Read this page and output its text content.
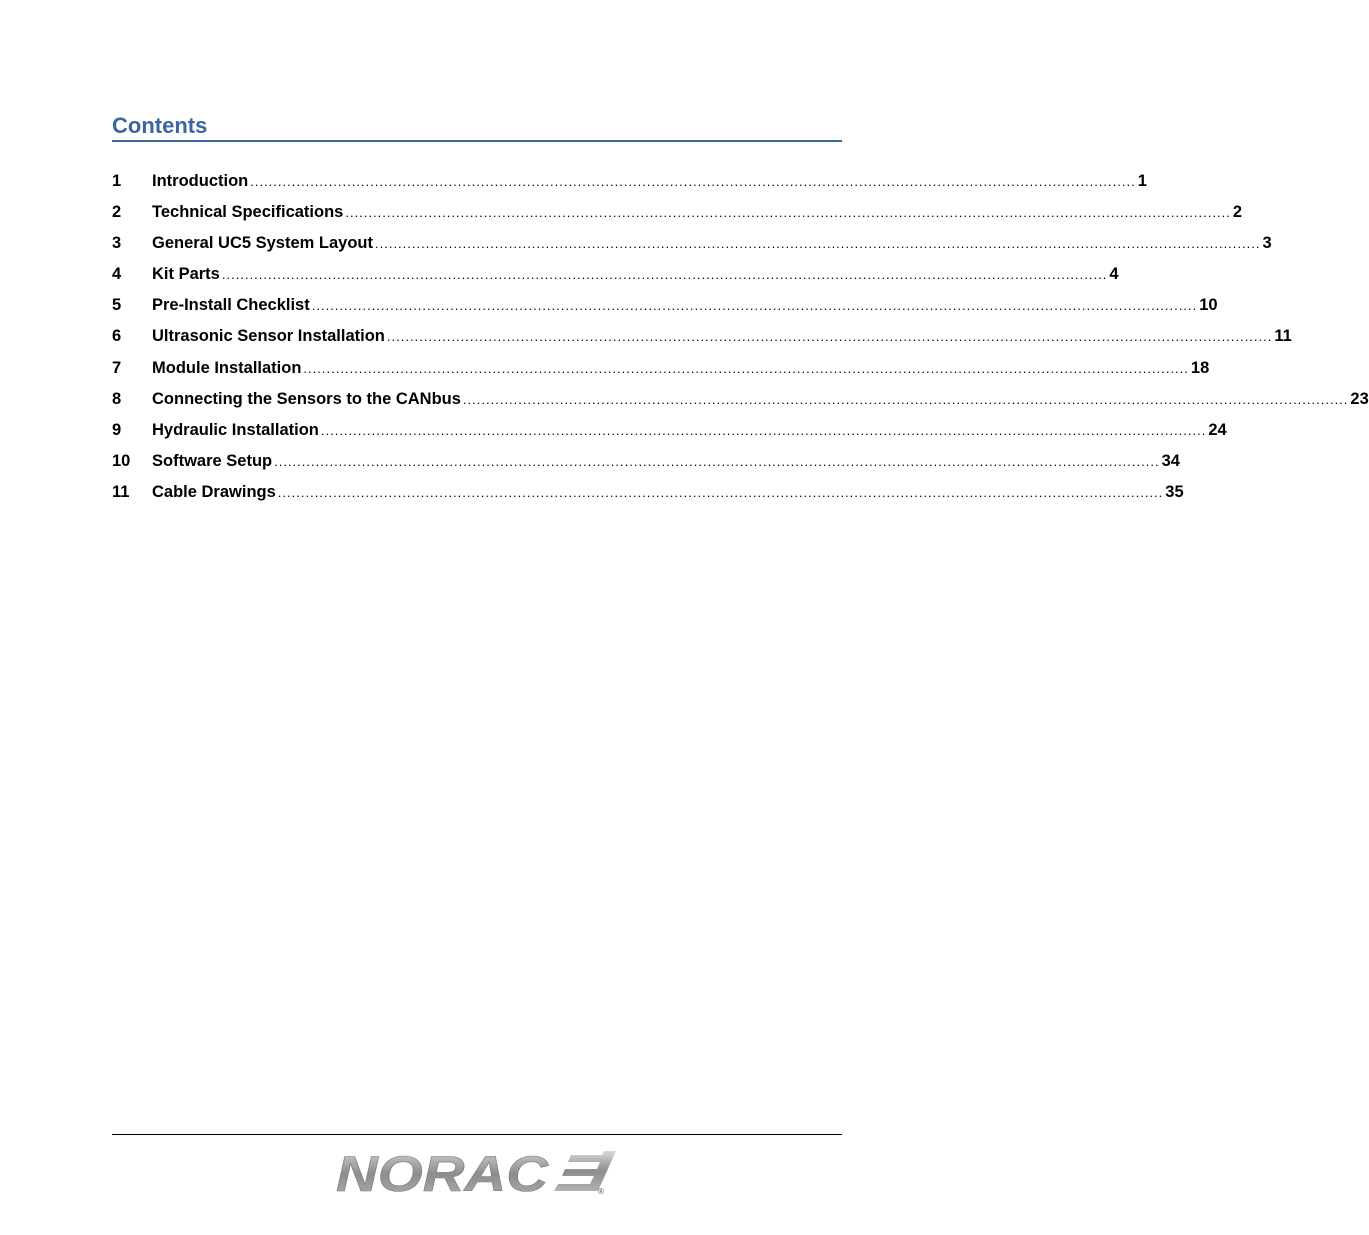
Contents
1	Introduction ................................................................................................................................................................................................ 1
2	Technical Specifications ................................................................................................................................................................................................ 2
3	General UC5 System Layout ................................................................................................................................................................................................ 3
4	Kit Parts ................................................................................................................................................................................................ 4
5	Pre-Install Checklist ................................................................................................................................................................................................ 10
6	Ultrasonic Sensor Installation ................................................................................................................................................................................................ 11
7	Module Installation ................................................................................................................................................................................................ 18
8	Connecting the Sensors to the CANbus ................................................................................................................................................................................................ 23
9	Hydraulic Installation ................................................................................................................................................................................................ 24
10	Software Setup ................................................................................................................................................................................................ 34
11	Cable Drawings ................................................................................................................................................................................................ 35
NORAC	®
